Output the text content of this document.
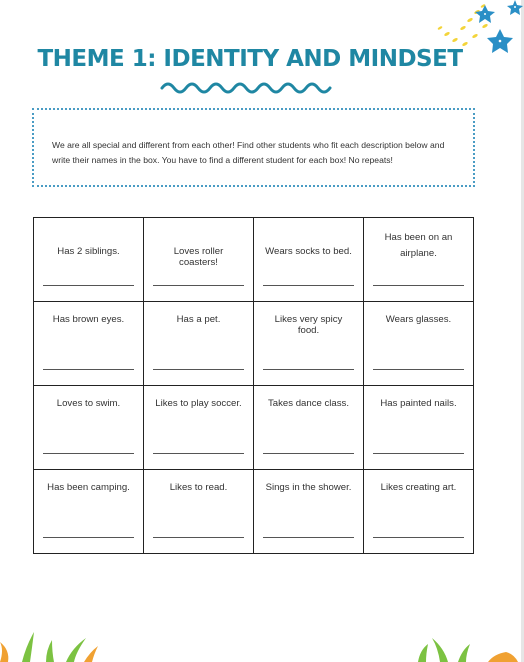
THEME 1: IDENTITY AND MINDSET
We are all special and different from each other! Find other students who fit each description below and write their names in the box. You have to find a different student for each box! No repeats!
Has 2 siblings.	Loves roller coasters!	Wears socks to bed.	Has been on an airplane.

Has brown eyes.	Has a pet.	Likes very spicy food.	Wears glasses.

Loves to swim.	Likes to play soccer.	Takes dance class.	Has painted nails.

Has been camping.	Likes to read.	Sings in the shower.	Likes creating art.
